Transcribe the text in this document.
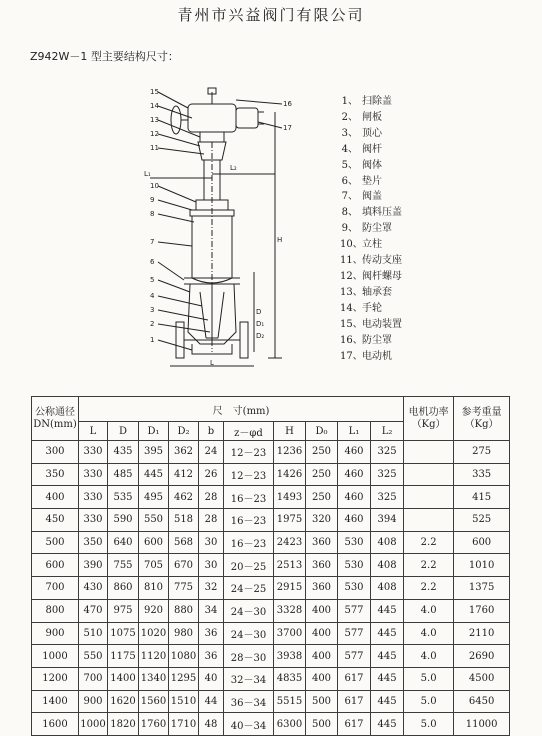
青州市兴益阀门有限公司
Z942W－1 型主要结构尺寸：
15
14
13
12
11
10
9
8
7
6
5
4
3
2
1
16
17
L₁
L₂
D
D₁
D₂
H
L
1、 扫除盖
2、 闸板
3、 顶心
4、 阀杆
5、 阀体
6、 垫片
7、 阀盖
8、 填料压盖
9、 防尘罩
10、立柱
11、传动支座
12、阀杆螺母
13、轴承套
14、手轮
15、电动装置
16、防尘罩
17、电动机
公称通径
DN(mm)	尺　寸(mm)										电机功率
（Kg）	参考重量
（Kg）
	L	D	D₁	D₂	b	z－φd	H	D₀	L₁	L₂		
300	330	435	395	362	24	12－23	1236	250	460	325		275
350	330	485	445	412	26	12－23	1426	250	460	325		335
400	330	535	495	462	28	16－23	1493	250	460	325		415
450	330	590	550	518	28	16－23	1975	320	460	394		525
500	350	640	600	568	30	16－23	2423	360	530	408	2.2	600
600	390	755	705	670	30	20－25	2513	360	530	408	2.2	1010
700	430	860	810	775	32	24－25	2915	360	530	408	2.2	1375
800	470	975	920	880	34	24－30	3328	400	577	445	4.0	1760
900	510	1075	1020	980	36	24－30	3700	400	577	445	4.0	2110
1000	550	1175	1120	1080	36	28－30	3938	400	577	445	4.0	2690
1200	700	1400	1340	1295	40	32－34	4835	400	617	445	5.0	4500
1400	900	1620	1560	1510	44	36－34	5515	500	617	445	5.0	6450
1600	1000	1820	1760	1710	48	40－34	6300	500	617	445	5.0	11000
